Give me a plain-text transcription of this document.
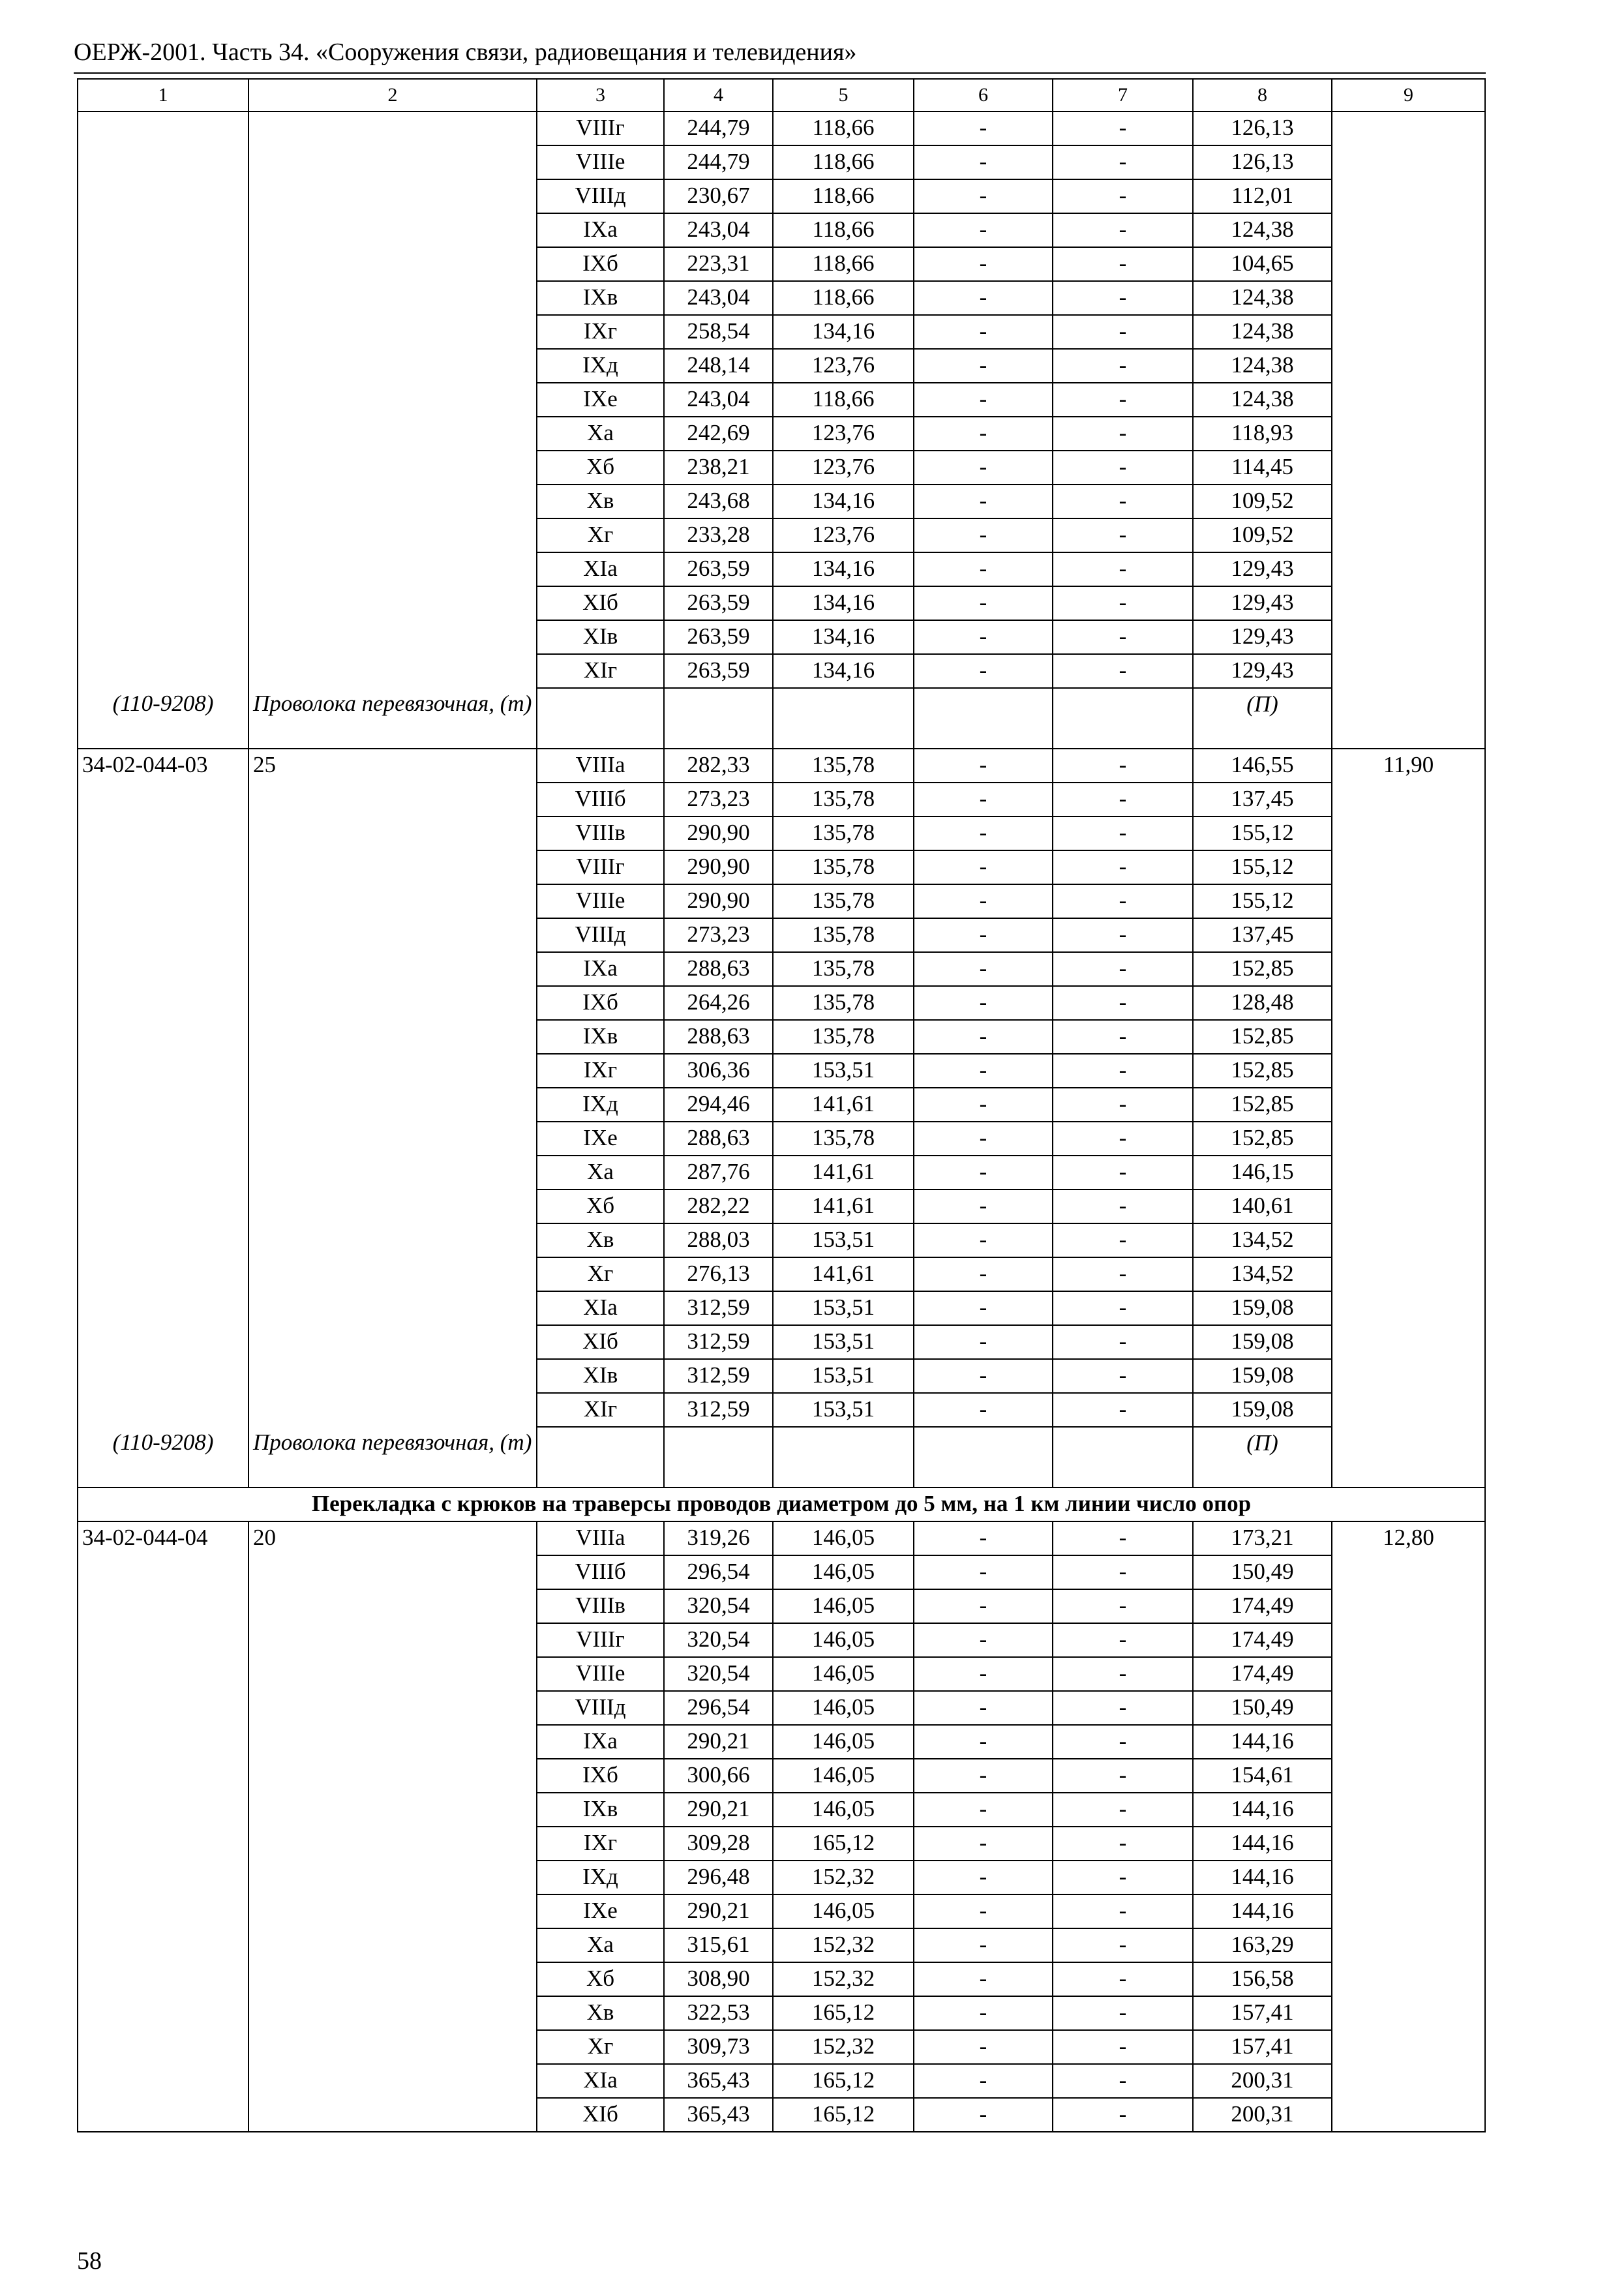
ОЕРЖ-2001. Часть 34. «Сооружения связи, радиовещания и телевидения»
1	2	3	4	5	6	7	8	9
		VIIIг	244,79	118,66	-	-	126,13	
		VIIIе	244,79	118,66	-	-	126,13	
		VIIIд	230,67	118,66	-	-	112,01	
		IXа	243,04	118,66	-	-	124,38	
		IXб	223,31	118,66	-	-	104,65	
		IXв	243,04	118,66	-	-	124,38	
		IXг	258,54	134,16	-	-	124,38	
		IXд	248,14	123,76	-	-	124,38	
		IXе	243,04	118,66	-	-	124,38	
		Xа	242,69	123,76	-	-	118,93	
		Xб	238,21	123,76	-	-	114,45	
		Xв	243,68	134,16	-	-	109,52	
		Xг	233,28	123,76	-	-	109,52	
		XIа	263,59	134,16	-	-	129,43	
		XIб	263,59	134,16	-	-	129,43	
		XIв	263,59	134,16	-	-	129,43	
		XIг	263,59	134,16	-	-	129,43	
(110-9208)	Проволока перевязочная, (т)						(П)	
34-02-044-03	25	VIIIа	282,33	135,78	-	-	146,55	11,90
		VIIIб	273,23	135,78	-	-	137,45	
		VIIIв	290,90	135,78	-	-	155,12	
		VIIIг	290,90	135,78	-	-	155,12	
		VIIIе	290,90	135,78	-	-	155,12	
		VIIIд	273,23	135,78	-	-	137,45	
		IXа	288,63	135,78	-	-	152,85	
		IXб	264,26	135,78	-	-	128,48	
		IXв	288,63	135,78	-	-	152,85	
		IXг	306,36	153,51	-	-	152,85	
		IXд	294,46	141,61	-	-	152,85	
		IXе	288,63	135,78	-	-	152,85	
		Xа	287,76	141,61	-	-	146,15	
		Xб	282,22	141,61	-	-	140,61	
		Xв	288,03	153,51	-	-	134,52	
		Xг	276,13	141,61	-	-	134,52	
		XIа	312,59	153,51	-	-	159,08	
		XIб	312,59	153,51	-	-	159,08	
		XIв	312,59	153,51	-	-	159,08	
		XIг	312,59	153,51	-	-	159,08	
(110-9208)	Проволока перевязочная, (т)						(П)	
Перекладка с крюков на траверсы проводов диаметром до 5 мм, на 1 км линии число опор								
34-02-044-04	20	VIIIа	319,26	146,05	-	-	173,21	12,80
		VIIIб	296,54	146,05	-	-	150,49	
		VIIIв	320,54	146,05	-	-	174,49	
		VIIIг	320,54	146,05	-	-	174,49	
		VIIIе	320,54	146,05	-	-	174,49	
		VIIIд	296,54	146,05	-	-	150,49	
		IXа	290,21	146,05	-	-	144,16	
		IXб	300,66	146,05	-	-	154,61	
		IXв	290,21	146,05	-	-	144,16	
		IXг	309,28	165,12	-	-	144,16	
		IXд	296,48	152,32	-	-	144,16	
		IXе	290,21	146,05	-	-	144,16	
		Xа	315,61	152,32	-	-	163,29	
		Xб	308,90	152,32	-	-	156,58	
		Xв	322,53	165,12	-	-	157,41	
		Xг	309,73	152,32	-	-	157,41	
		XIа	365,43	165,12	-	-	200,31	
		XIб	365,43	165,12	-	-	200,31	
58
